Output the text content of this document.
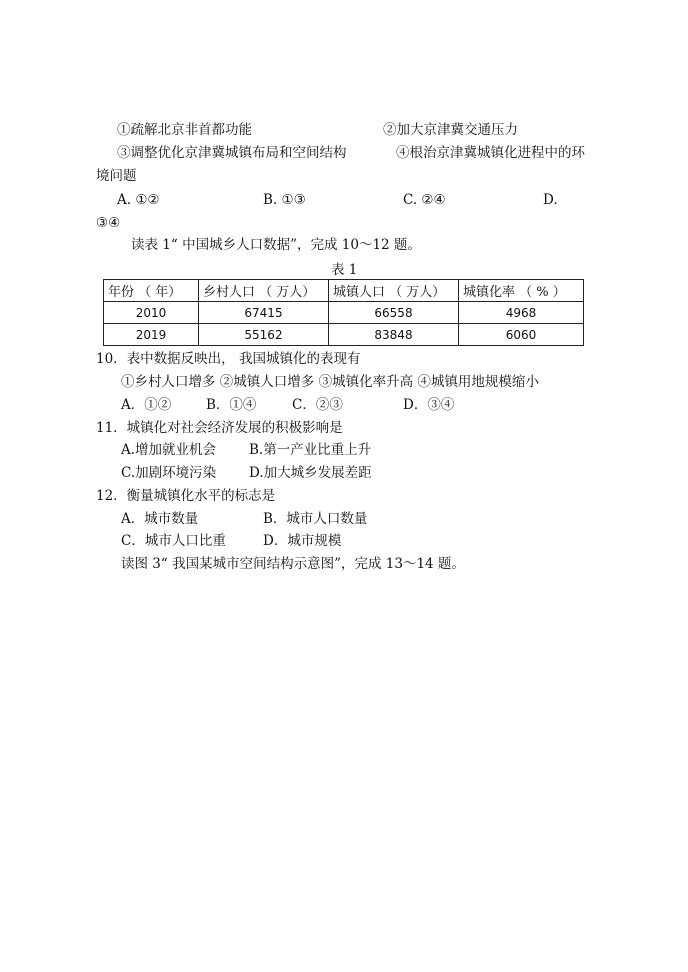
①疏解北京非首都功能	②加大京津冀交通压力
③调整优化京津冀城镇布局和空间结构	④根治京津冀城镇化进程中的环
境问题
A. ①②	B. ①③	C. ②④	D.
③④
读表 1“ 中国城乡人口数据”，完成 10～12 题。
表 1
年份 （ 年）	乡村人口 （ 万人）	城镇人口 （ 万人）	城镇化率 （ % ）
2010	67415	66558	4968
2019	55162	83848	6060
10．表中数据反映出， 我国城镇化的表现有
①乡村人口增多 ②城镇人口增多 ③城镇化率升高 ④城镇用地规模缩小
A．①②	B．①④	C．②③	D．③④
11．城镇化对社会经济发展的积极影响是
A.增加就业机会 B.第一产业比重上升
C.加剧环境污染 D.加大城乡发展差距
12．衡量城镇化水平的标志是
A．城市数量	B．城市人口数量
C．城市人口比重	D．城市规模
读图 3“ 我国某城市空间结构示意图”，完成 13～14 题。
